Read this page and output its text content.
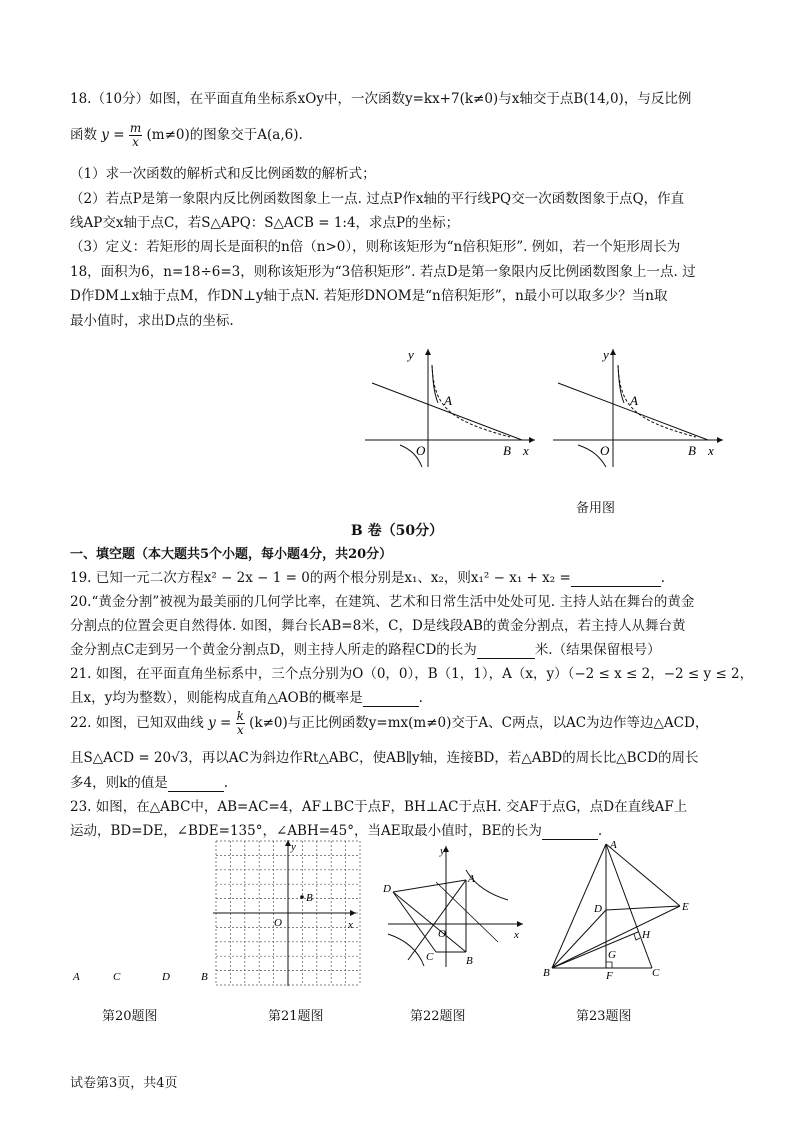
18.（10分）如图，在平面直角坐标系xOy中，一次函数y=kx+7(k≠0)与x轴交于点B(14,0)，与反比例
函数 $y = \frac{m}{x} (m\ne 0)$的图象交于A(a,6).
（1）求一次函数的解析式和反比例函数的解析式；
（2）若点P是第一象限内反比例函数图象上一点. 过点P作x轴的平行线PQ交一次函数图象于点Q，作直
线AP交x轴于点C，若S△APQ：S△ACB = 1:4，求点P的坐标；
（3）定义：若矩形的周长是面积的n倍（n>0），则称该矩形为“n倍积矩形”. 例如，若一个矩形周长为
18，面积为6，n=18÷6=3，则称该矩形为“3倍积矩形”. 若点D是第一象限内反比例函数图象上一点. 过
D作DM⊥x轴于点M，作DN⊥y轴于点N. 若矩形DNOM是“n倍积矩形”，n最小可以取多少？当n取
最小值时，求出D点的坐标.
y
x
O
A
B
y
x
O
A
B
备用图
B 卷（50分）
一、填空题（本大题共5个小题，每小题4分，共20分）
19. 已知一元二次方程x² − 2x − 1 = 0的两个根分别是x₁、x₂，则x₁² − x₁ + x₂ =	.
20.“黄金分割”被视为最美丽的几何学比率，在建筑、艺术和日常生活中处处可见. 主持人站在舞台的黄金
分割点的位置会更自然得体. 如图，舞台长AB=8米，C，D是线段AB的黄金分割点，若主持人从舞台黄
金分割点C走到另一个黄金分割点D，则主持人所走的路程CD的长为	米.（结果保留根号）
21. 如图，在平面直角坐标系中，三个点分别为O（0，0），B（1，1），A（x，y）（−2 ≤ x ≤ 2，−2 ≤ y ≤ 2，
且x，y均为整数），则能构成直角△AOB的概率是	.
22. 如图，已知双曲线 $y = \frac{k}{x} (k\ne 0)$与正比例函数y=mx(m≠0)交于A、C两点，以AC为边作等边△ACD，
且S△ACD = 20√3，再以AC为斜边作Rt△ABC，使AB∥y轴，连接BD，若△ABD的周长比△BCD的周长
多4，则k的值是	.
23. 如图，在△ABC中，AB=AC=4，AF⊥BC于点F，BH⊥AC于点H. 交AF于点G，点D在直线AF上
运动，BD=DE，∠BDE=135°，∠ABH=45°，当AE取最小值时，BE的长为	.
A	C	D	B
第20题图
B
y
x
O
第21题图
y
x
O
A
B
C
D
第22题图
A
B	C
D	E
F
G
H
第23题图
试卷第3页，共4页
